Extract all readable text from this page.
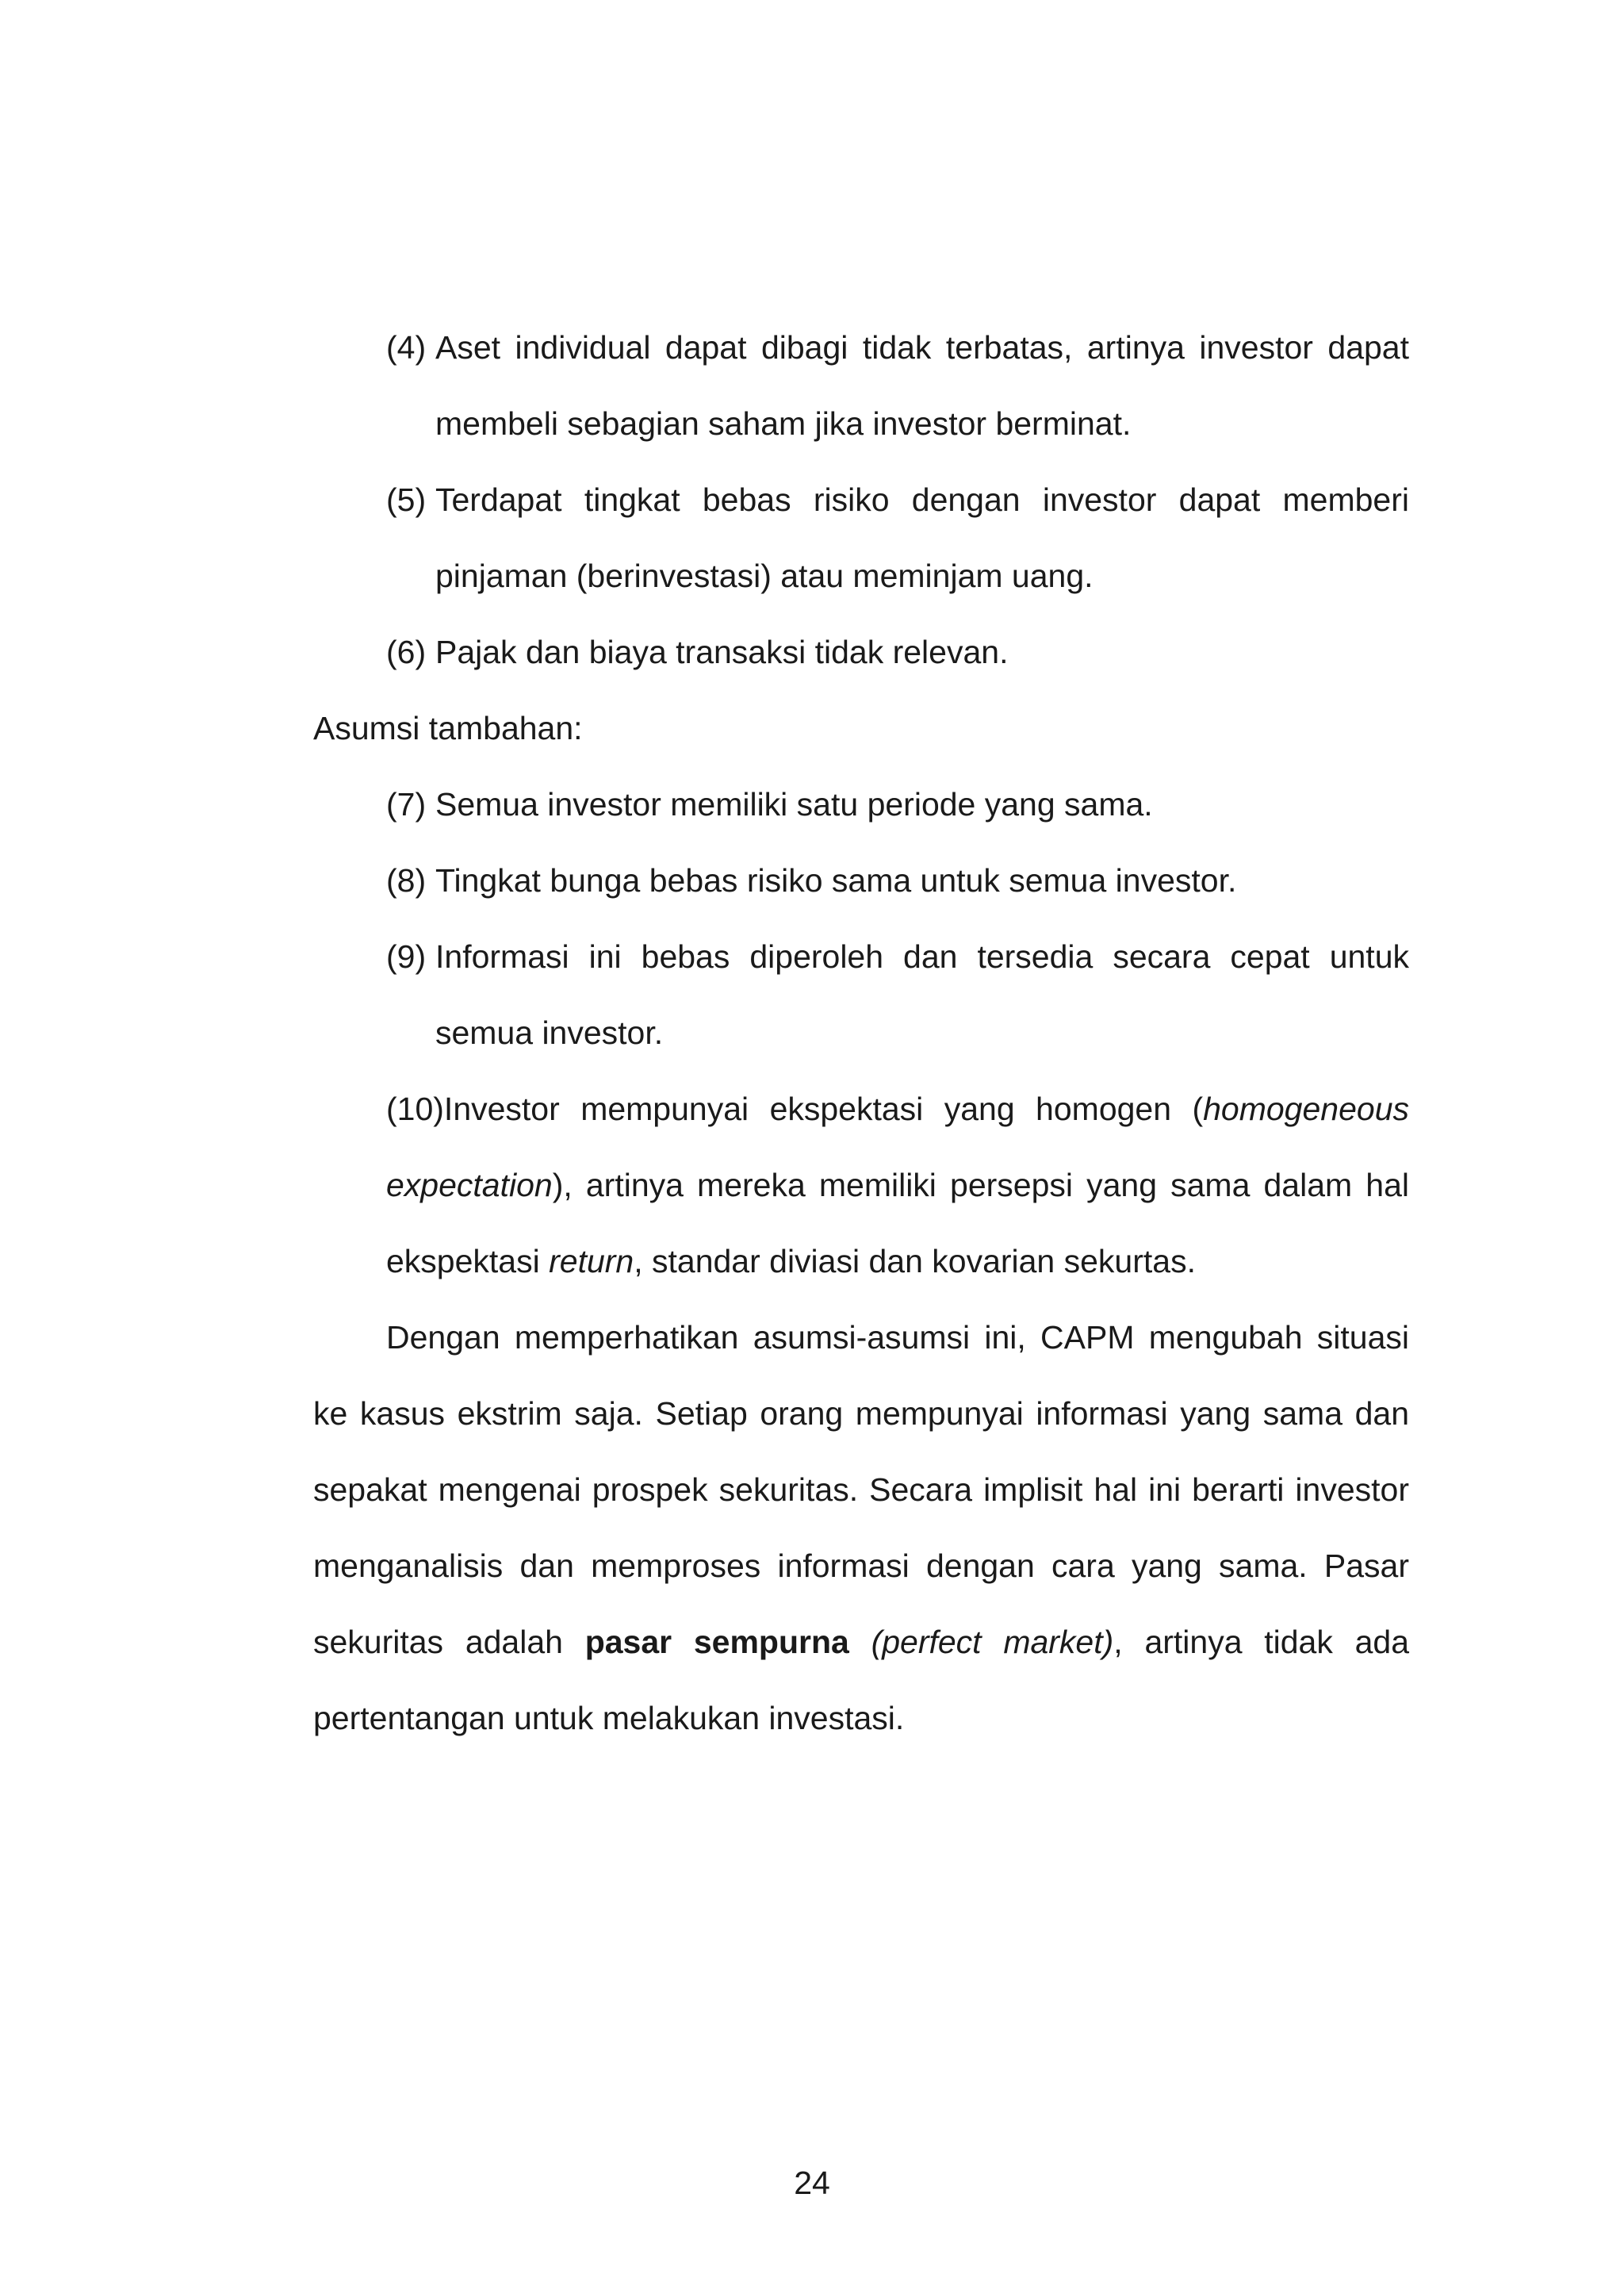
(4) Aset individual dapat dibagi tidak terbatas, artinya investor dapat membeli sebagian saham jika investor berminat.
(5) Terdapat tingkat bebas risiko dengan investor dapat memberi pinjaman (berinvestasi) atau meminjam uang.
(6) Pajak dan biaya transaksi tidak relevan.
Asumsi tambahan:
(7) Semua investor memiliki satu periode yang sama.
(8) Tingkat bunga bebas risiko sama untuk semua investor.
(9) Informasi ini bebas diperoleh dan tersedia secara cepat untuk semua investor.
(10)Investor mempunyai ekspektasi yang homogen (homogeneous expectation), artinya mereka memiliki persepsi yang sama dalam hal ekspektasi return, standar diviasi dan kovarian sekurtas.

Dengan memperhatikan asumsi-asumsi ini, CAPM mengubah situasi ke kasus ekstrim saja. Setiap orang mempunyai informasi yang sama dan sepakat mengenai prospek sekuritas. Secara implisit hal ini berarti investor menganalisis dan memproses informasi dengan cara yang sama. Pasar sekuritas adalah pasar sempurna (perfect market), artinya tidak ada pertentangan untuk melakukan investasi.

24
